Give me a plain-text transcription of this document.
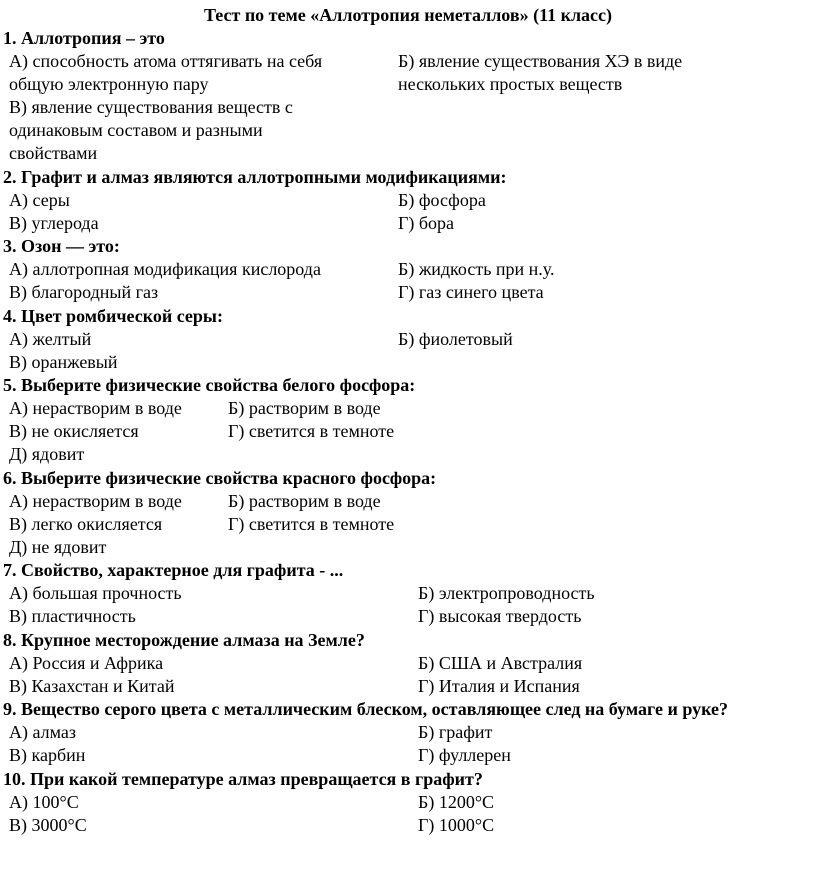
Тест по теме «Аллотропия неметаллов» (11 класс)
1. Аллотропия – это
А) способность атома оттягивать на себя
общую электронную пару
Б) явление существования ХЭ в виде
нескольких простых веществ
В) явление существования веществ с
одинаковым составом и разными
свойствами
2. Графит и алмаз являются аллотропными модификациями:
А) серы	Б) фосфора
В) углерода	Г) бора
3. Озон — это:
А) аллотропная модификация кислорода	Б) жидкость при н.у.
В) благородный газ	Г) газ синего цвета
4. Цвет ромбической серы:
А) желтый	Б) фиолетовый
В) оранжевый
5. Выберите физические свойства белого фосфора:
А) нерастворим в воде	Б) растворим в воде
В) не окисляется	Г) светится в темноте
Д) ядовит
6. Выберите физические свойства красного фосфора:
А) нерастворим в воде	Б) растворим в воде
В) легко окисляется	Г) светится в темноте
Д) не ядовит
7. Свойство, характерное для графита - ...
А) большая прочность	Б) электропроводность
В) пластичность	Г) высокая твердость
8. Крупное месторождение алмаза на Земле?
А) Россия и Африка	Б) США и Австралия
В) Казахстан и Китай	Г) Италия и Испания
9. Вещество серого цвета с металлическим блеском, оставляющее след на бумаге и руке?
А) алмаз	Б) графит
В) карбин	Г) фуллерен
10. При какой температуре алмаз превращается в графит?
А) 100°С	Б) 1200°С
В) 3000°С	Г) 1000°С
